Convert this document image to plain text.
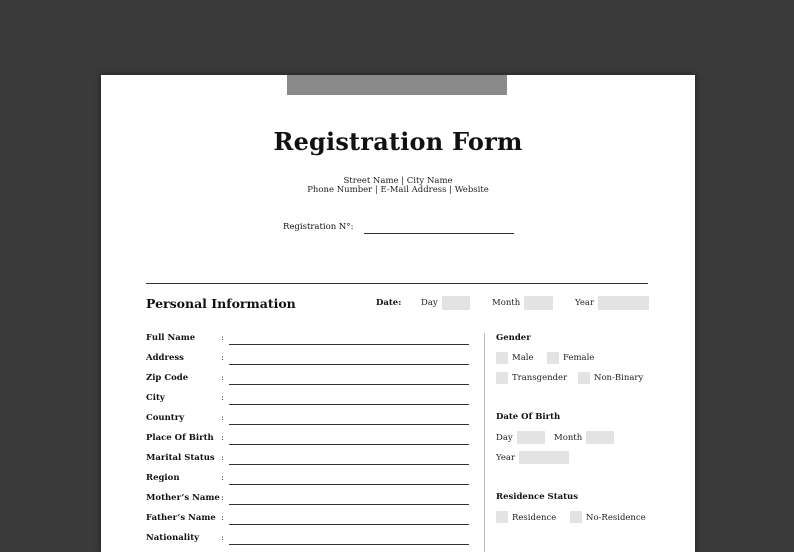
Registration Form
Street Name | City Name
Phone Number | E-Mail Address | Website
Registration N°:
Personal Information	Date: Day	Month	Year
Full Name	:
Address	:
Zip Code	:
City	:
Country	:
Place Of Birth :
Marital Status :
Region	:
Mother’s Name :
Father’s Name :
Nationality	:
Gender
Male	Female
Transgender	Non-Binary
Date Of Birth
Day	Month
Year
Residence Status
Residence	No-Residence
